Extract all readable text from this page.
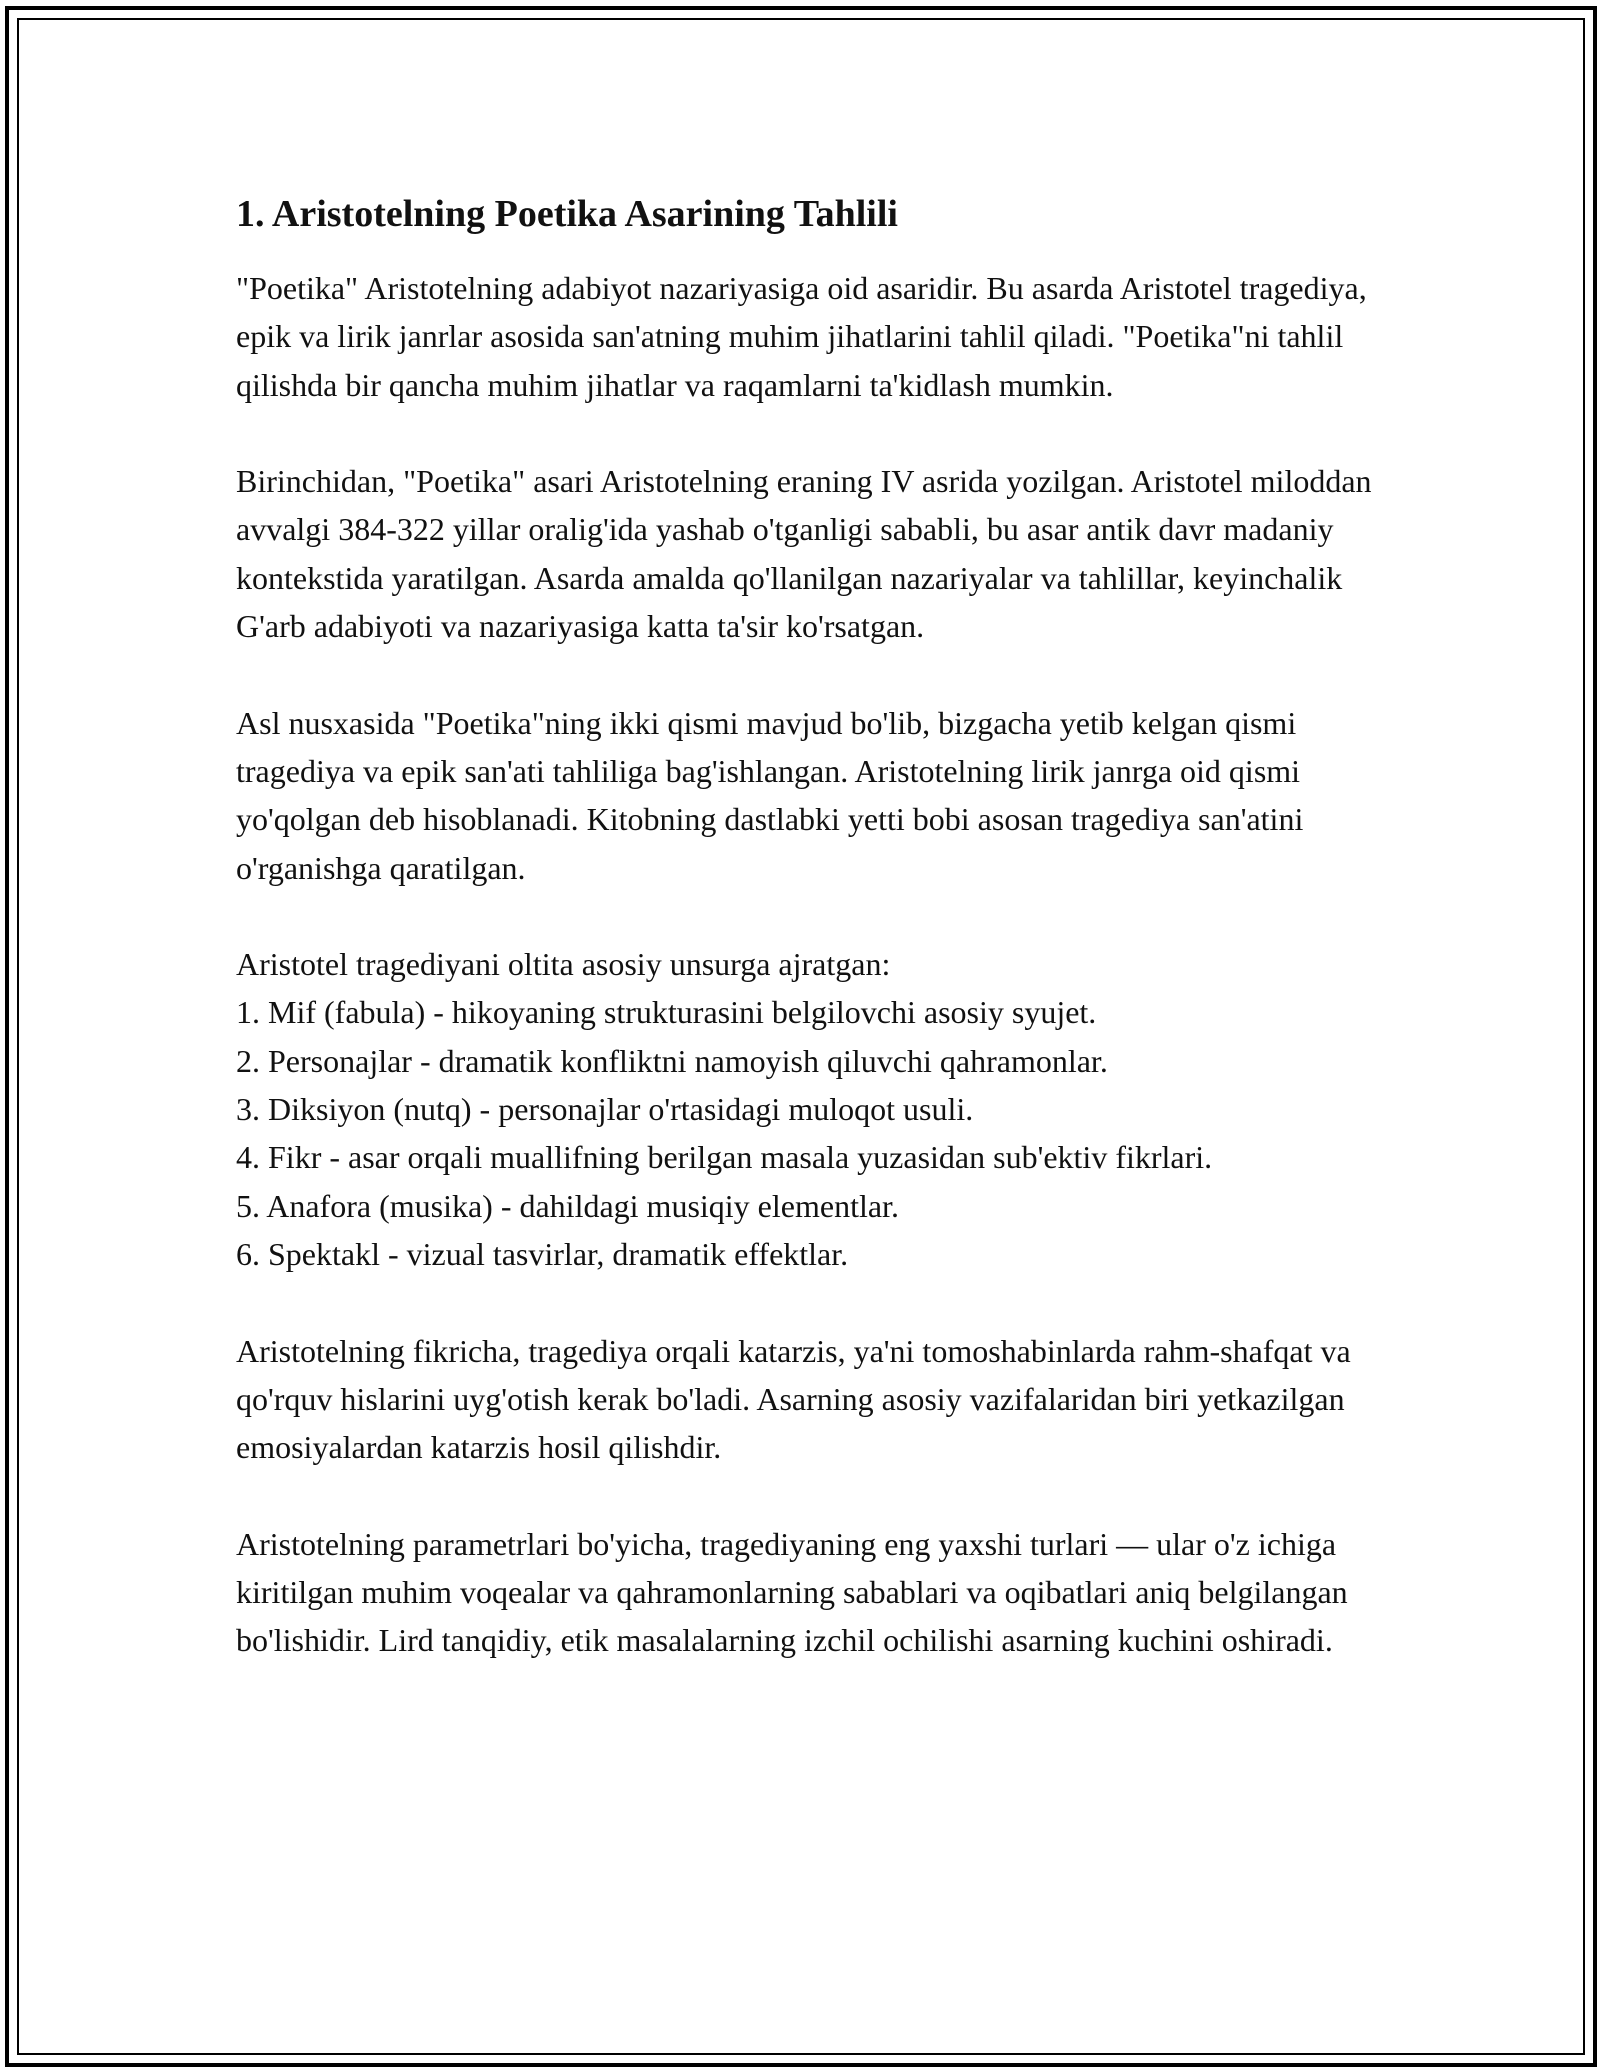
1. Aristotelning Poetika Asarining Tahlili

"Poetika" Aristotelning adabiyot nazariyasiga oid asaridir. Bu asarda Aristotel tragediya, epik va lirik janrlar asosida san'atning muhim jihatlarini tahlil qiladi. "Poetika"ni tahlil qilishda bir qancha muhim jihatlar va raqamlarni ta'kidlash mumkin.

Birinchidan, "Poetika" asari Aristotelning eraning IV asrida yozilgan. Aristotel miloddan avvalgi 384-322 yillar oralig'ida yashab o'tganligi sababli, bu asar antik davr madaniy kontekstida yaratilgan. Asarda amalda qo'llanilgan nazariyalar va tahlillar, keyinchalik G'arb adabiyoti va nazariyasiga katta ta'sir ko'rsatgan.

Asl nusxasida "Poetika"ning ikki qismi mavjud bo'lib, bizgacha yetib kelgan qismi tragediya va epik san'ati tahliliga bag'ishlangan. Aristotelning lirik janrga oid qismi yo'qolgan deb hisoblanadi. Kitobning dastlabki yetti bobi asosan tragediya san'atini o'rganishga qaratilgan.

Aristotel tragediyani oltita asosiy unsurga ajratgan:
1. Mif (fabula) - hikoyaning strukturasini belgilovchi asosiy syujet.
2. Personajlar - dramatik konfliktni namoyish qiluvchi qahramonlar.
3. Diksiyon (nutq) - personajlar o'rtasidagi muloqot usuli.
4. Fikr - asar orqali muallifning berilgan masala yuzasidan sub'ektiv fikrlari.
5. Anafora (musika) - dahildagi musiqiy elementlar.
6. Spektakl - vizual tasvirlar, dramatik effektlar.

Aristotelning fikricha, tragediya orqali katarzis, ya'ni tomoshabinlarda rahm-shafqat va qo'rquv hislarini uyg'otish kerak bo'ladi. Asarning asosiy vazifalaridan biri yetkazilgan emosiyalardan katarzis hosil qilishdir.

Aristotelning parametrlari bo'yicha, tragediyaning eng yaxshi turlari — ular o'z ichiga kiritilgan muhim voqealar va qahramonlarning sabablari va oqibatlari aniq belgilangan bo'lishidir. Lird tanqidiy, etik masalalarning izchil ochilishi asarning kuchini oshiradi.
